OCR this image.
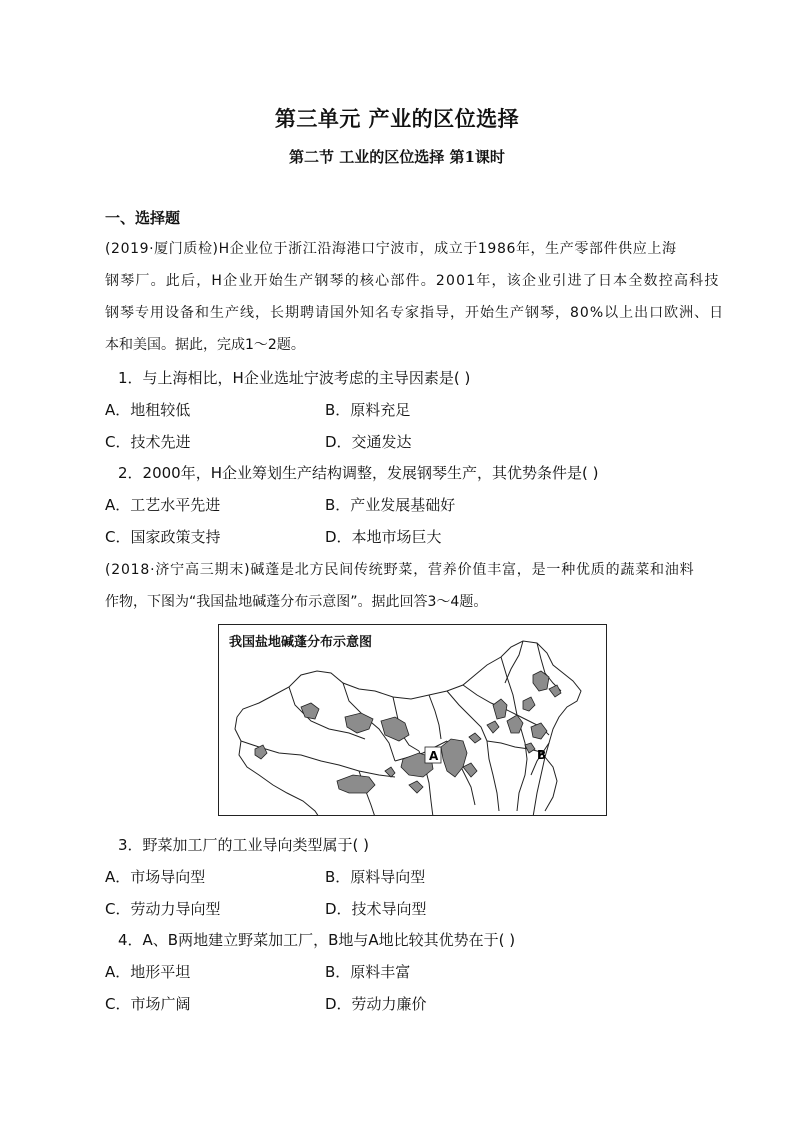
第三单元 产业的区位选择
第二节 工业的区位选择 第1课时
一、选择题
(2019·厦门质检)H企业位于浙江沿海港口宁波市，成立于1986年，生产零部件供应上海
钢琴厂。此后，H企业开始生产钢琴的核心部件。2001年，该企业引进了日本全数控高科技
钢琴专用设备和生产线，长期聘请国外知名专家指导，开始生产钢琴，80%以上出口欧洲、日
本和美国。据此，完成1～2题。
1．与上海相比，H企业选址宁波考虑的主导因素是( )
A．地租较低	B．原料充足
C．技术先进	D．交通发达
2．2000年，H企业筹划生产结构调整，发展钢琴生产，其优势条件是( )
A．工艺水平先进	B．产业发展基础好
C．国家政策支持	D．本地市场巨大
(2018·济宁高三期末)碱蓬是北方民间传统野菜，营养价值丰富，是一种优质的蔬菜和油料
作物，下图为“我国盐地碱蓬分布示意图”。据此回答3～4题。
我国盐地碱蓬分布示意图
A	B
3．野菜加工厂的工业导向类型属于( )
A．市场导向型	B．原料导向型
C．劳动力导向型	D．技术导向型
4．A、B两地建立野菜加工厂，B地与A地比较其优势在于( )
A．地形平坦	B．原料丰富
C．市场广阔	D．劳动力廉价
